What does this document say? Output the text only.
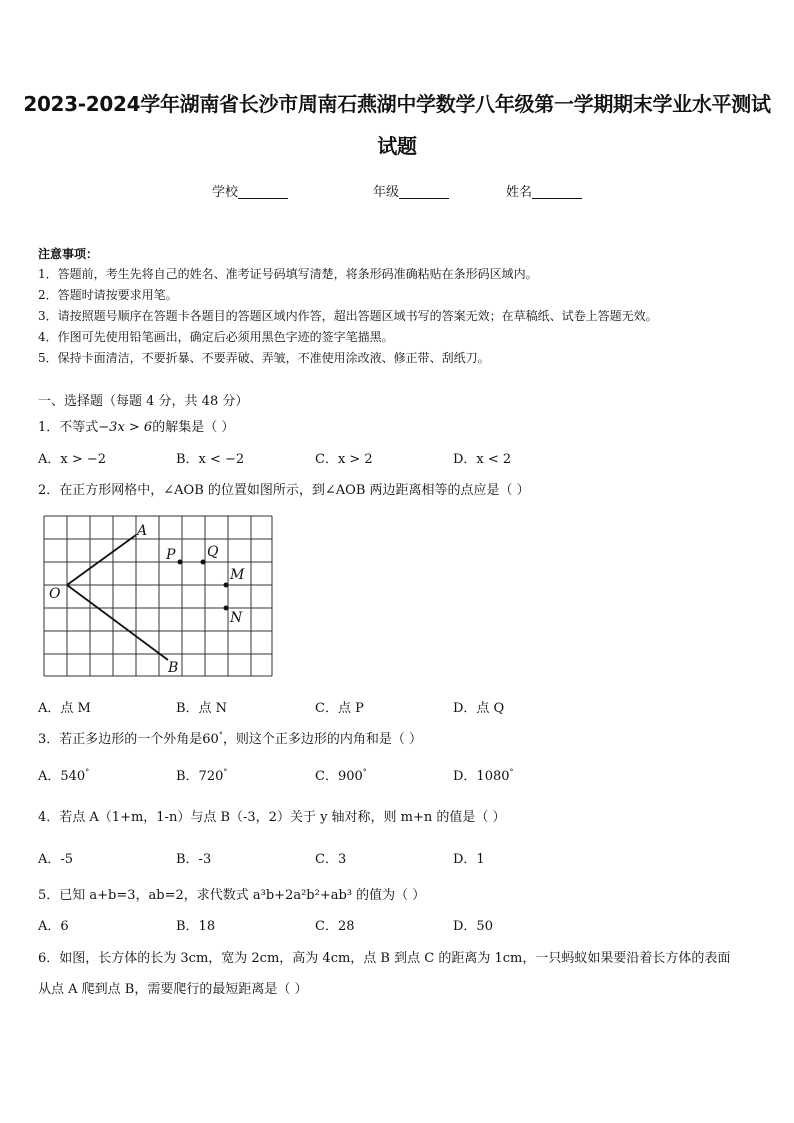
2023-2024学年湖南省长沙市周南石燕湖中学数学八年级第一学期期末学业水平测试
试题
学校	年级	姓名
注意事项：
1．答题前，考生先将自己的姓名、准考证号码填写清楚，将条形码准确粘贴在条形码区域内。
2．答题时请按要求用笔。
3．请按照题号顺序在答题卡各题目的答题区域内作答，超出答题区域书写的答案无效；在草稿纸、试卷上答题无效。
4．作图可先使用铅笔画出，确定后必须用黑色字迹的签字笔描黑。
5．保持卡面清洁，不要折暴、不要弄破、弄皱，不准使用涂改液、修正带、刮纸刀。
一、选择题（每题 4 分，共 48 分）
1．不等式−3x > 6的解集是（ ）
A．x > −2	B．x < −2	C．x > 2	D．x < 2
2．在正方形网格中，∠AOB 的位置如图所示，到∠AOB 两边距离相等的点应是（ ）
A
B
O
P Q
M
N
A．点 M	B．点 N	C．点 P	D．点 Q
3．若正多边形的一个外角是60°，则这个正多边形的内角和是（ ）
A．540°	B．720°	C．900°	D．1080°
4．若点 A（1+m，1-n）与点 B（-3，2）关于 y 轴对称，则 m+n 的值是（ ）
A．-5	B．-3	C．3	D．1
5．已知 a+b=3，ab=2，求代数式 a³b+2a²b²+ab³ 的值为（ ）
A．6	B．18	C．28	D．50
6．如图，长方体的长为 3cm，宽为 2cm，高为 4cm，点 B 到点 C 的距离为 1cm，一只蚂蚁如果要沿着长方体的表面
从点 A 爬到点 B，需要爬行的最短距离是（ ）
